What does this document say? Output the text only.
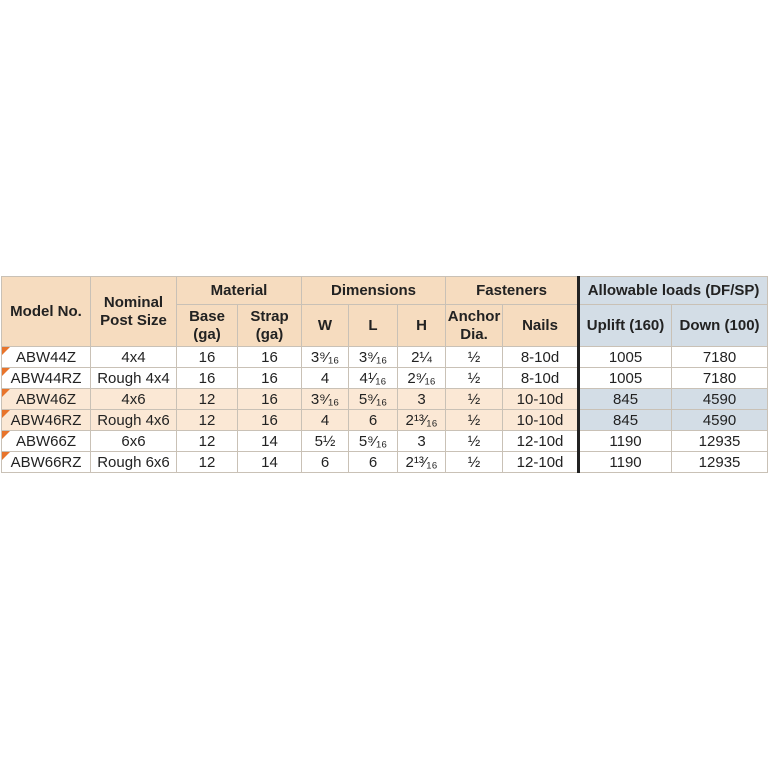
Model No.	Nominal Post Size	Material		Dimensions			Fasteners		Allowable loads (DF/SP)	
		Base (ga)	Strap (ga)	W	L	H	Anchor Dia.	Nails	Uplift (160)	Down (100)

ABW44Z	4x4	16	16	3⁹⁄₁₆	3⁹⁄₁₆	2¼	½	8-10d	1005	7180

ABW44RZ	Rough 4x4	16	16	4	4¹⁄₁₆	2⁹⁄₁₆	½	8-10d	1005	7180

ABW46Z	4x6	12	16	3⁹⁄₁₆	5⁹⁄₁₆	3	½	10-10d	845	4590

ABW46RZ	Rough 4x6	12	16	4	6	2¹³⁄₁₆	½	10-10d	845	4590

ABW66Z	6x6	12	14	5½	5⁹⁄₁₆	3	½	12-10d	1190	12935

ABW66RZ	Rough 6x6	12	14	6	6	2¹³⁄₁₆	½	12-10d	1190	12935
